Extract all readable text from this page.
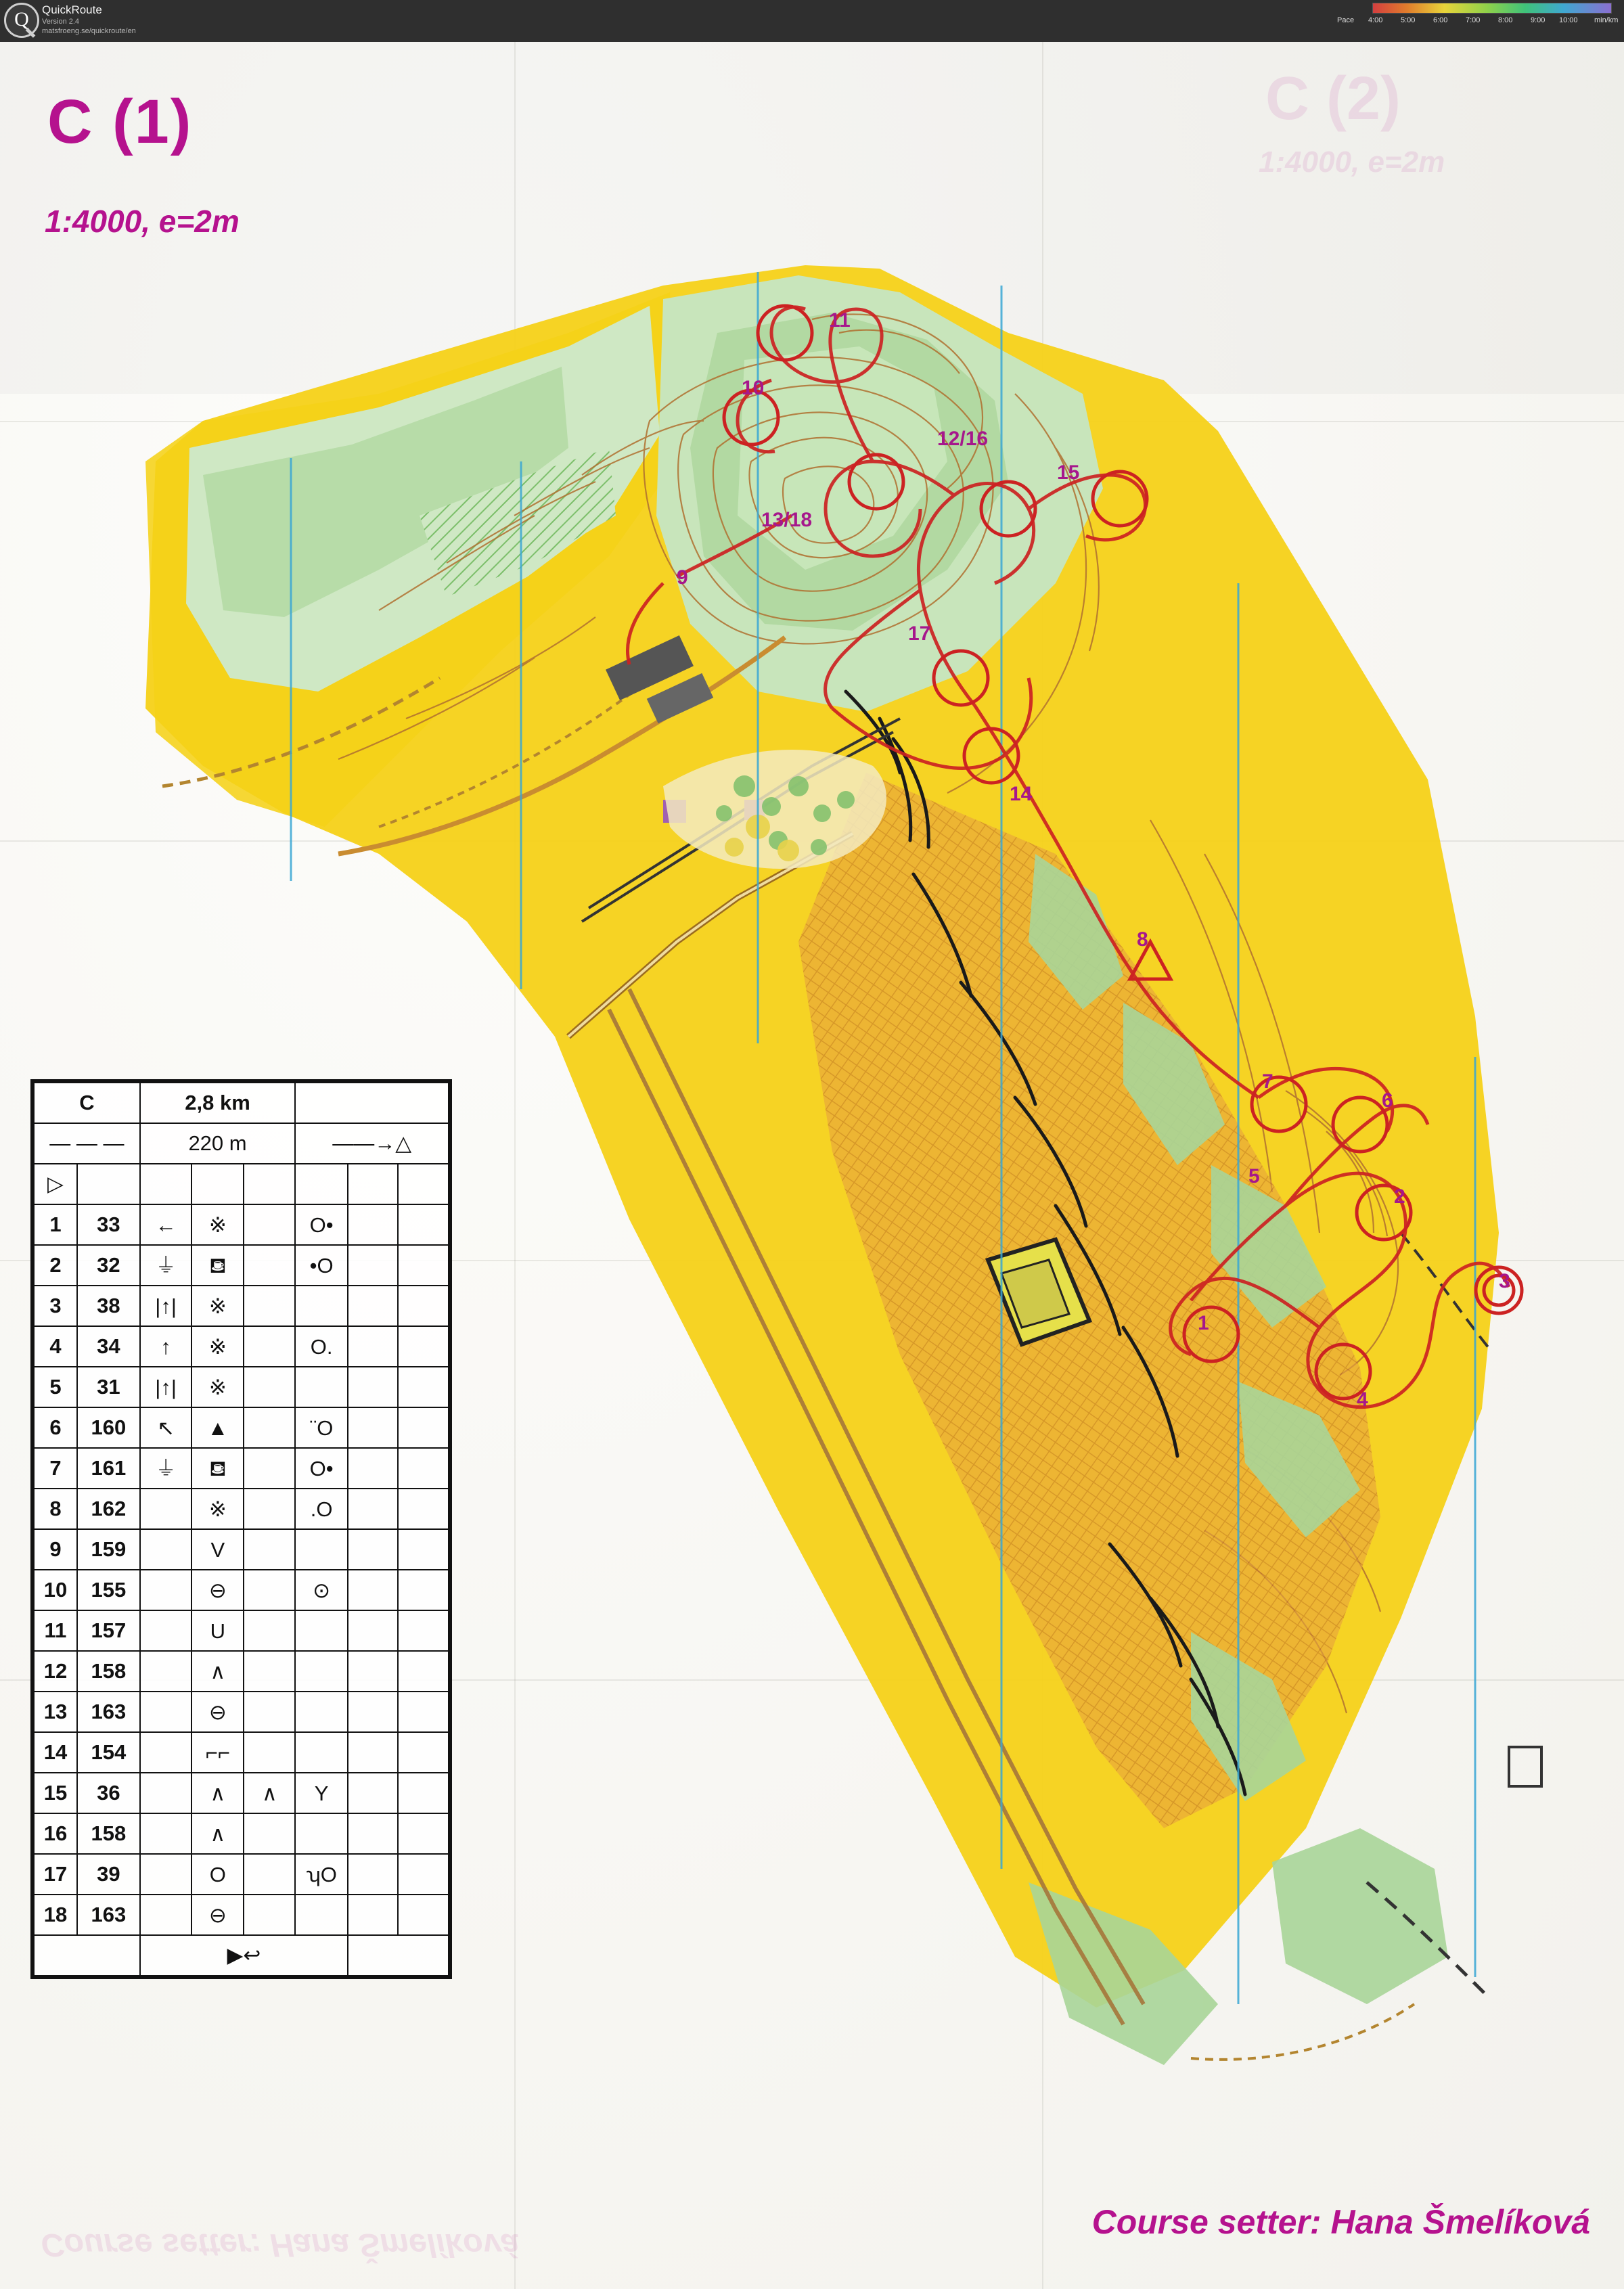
Q	QuickRoute
Version 2.4
matsfroeng.se/quickroute/en
Pace 4:00 5:00 6:00 7:00 8:00 9:00 10:00 min/km
11
10
12/16
15
13/18
9
17
14
8
7
6
5
2
3
1
4
C (2)
1:4000, e=2m
C (1)
1:4000, e=2m
Course setter: Hana Šmelíková
Course setter: Hana Šmelíková
C		2,8 km					
— — —		220 m			——→△		
▷							
1	33	←	※		O•		
2	32	⏚	⛾		•O		
3	38	|↑|	※				
4	34	↑	※		O.		
5	31	|↑|	※				
6	160	↖	▲		¨O		
7	161	⏚	⛾		O•		
8	162		※		.O		
9	159		V				
10	155		⊖		⊙		
11	157		U				
12	158		∧				
13	163		⊖				
14	154		⌐⌐				
15	36		∧	∧	Y		
16	158		∧				
17	39		O		ʮO		
18	163		⊖				
		▶↩					
